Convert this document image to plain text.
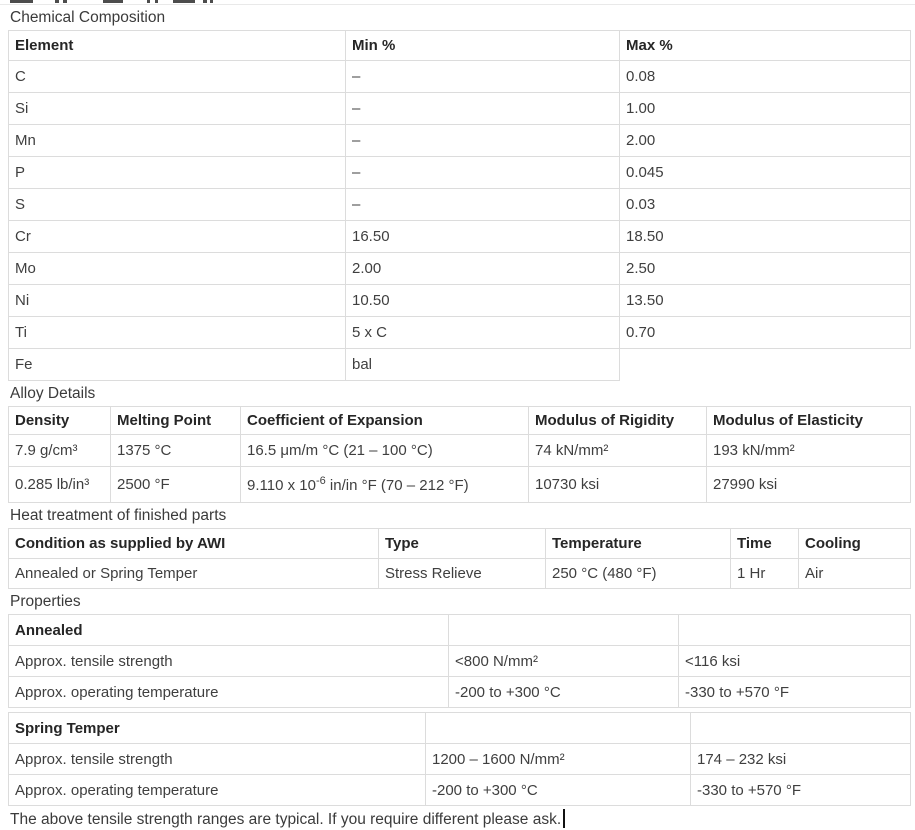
Chemical Composition
Element	Min %	Max %
C	–	0.08
Si	–	1.00
Mn	–	2.00
P	–	0.045
S	–	0.03
Cr	16.50	18.50
Mo	2.00	2.50
Ni	10.50	13.50
Ti	5 x C	0.70
Fe	bal	
Alloy Details
Density	Melting Point	Coefficient of Expansion	Modulus of Rigidity	Modulus of Elasticity
7.9 g/cm³	1375 °C	16.5 μm/m °C (21 – 100 °C)	74 kN/mm²	193 kN/mm²
0.285 lb/in³	2500 °F	9.110 x $10^{-6}$ in/in °F (70 – 212 °F)	10730 ksi	27990 ksi
Heat treatment of finished parts
Condition as supplied by AWI	Type	Temperature	Time	Cooling
Annealed or Spring Temper	Stress Relieve	250 °C (480 °F)	1 Hr	Air
Properties
Annealed		
Approx. tensile strength	<800 N/mm²	<116 ksi
Approx. operating temperature	-200 to +300 °C	-330 to +570 °F
Spring Temper		
Approx. tensile strength	1200 – 1600 N/mm²	174 – 232 ksi
Approx. operating temperature	-200 to +300 °C	-330 to +570 °F
The above tensile strength ranges are typical. If you require different please ask.
